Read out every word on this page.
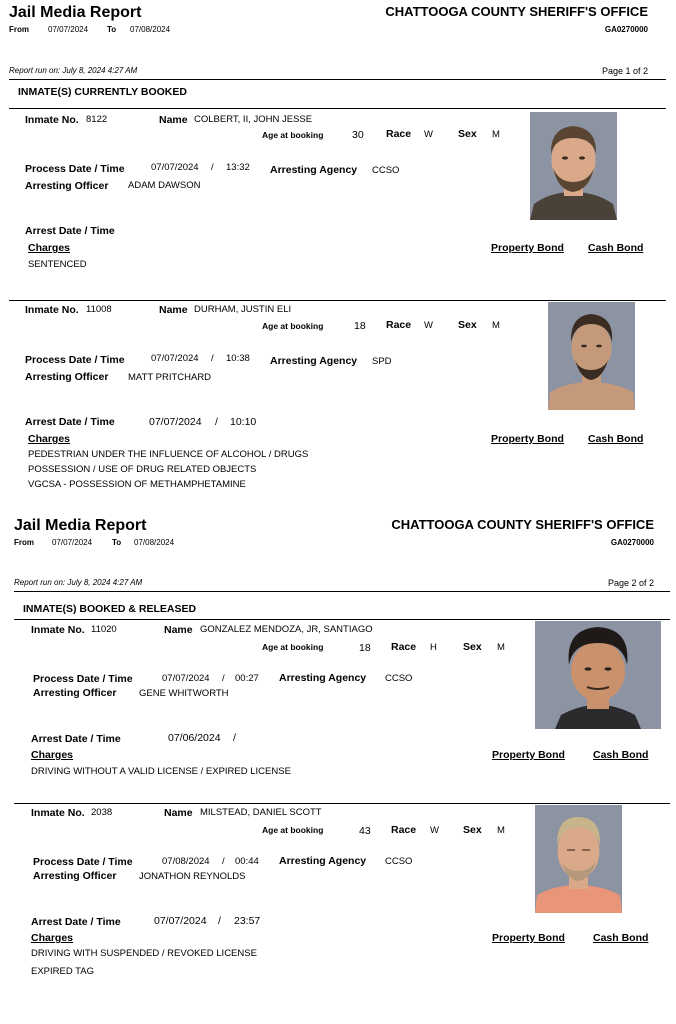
Jail Media Report	CHATTOOGA COUNTY SHERIFF'S OFFICE
From 07/07/2024 To 07/08/2024	GA0270000
Report run on: July 8, 2024 4:27 AM	Page 1 of 2
INMATE(S) CURRENTLY BOOKED
Inmate No. 8122	Name COLBERT, II, JOHN JESSE
Age at booking	30 Race W Sex M
Process Date / Time	07/07/2024 / 13:32 Arresting Agency CCSO
Arresting Officer ADAM DAWSON
Arrest Date / Time
Charges	Property Bond Cash Bond
SENTENCED
Inmate No. 11008	Name DURHAM, JUSTIN ELI
Age at booking	18 Race W Sex M
Process Date / Time	07/07/2024 / 10:38 Arresting Agency SPD
Arresting Officer MATT PRITCHARD
Arrest Date / Time	07/07/2024 / 10:10
Charges	Property Bond Cash Bond
PEDESTRIAN UNDER THE INFLUENCE OF ALCOHOL / DRUGS
POSSESSION / USE OF DRUG RELATED OBJECTS
VGCSA - POSSESSION OF METHAMPHETAMINE
Jail Media Report	CHATTOOGA COUNTY SHERIFF'S OFFICE
From 07/07/2024 To 07/08/2024	GA0270000
Report run on: July 8, 2024 4:27 AM	Page 2 of 2
INMATE(S) BOOKED & RELEASED
Inmate No. 11020	Name GONZALEZ MENDOZA, JR, SANTIAGO
Age at booking	18 Race H Sex M
Process Date / Time	07/07/2024 / 00:27 Arresting Agency CCSO
Arresting Officer GENE WHITWORTH
Arrest Date / Time	07/06/2024 /
Charges	Property Bond	Cash Bond
DRIVING WITHOUT A VALID LICENSE / EXPIRED LICENSE
Inmate No. 2038	Name MILSTEAD, DANIEL SCOTT
Age at booking	43 Race W Sex M
Process Date / Time	07/08/2024 / 00:44 Arresting Agency CCSO
Arresting Officer JONATHON REYNOLDS
Arrest Date / Time	07/07/2024 / 23:57
Charges	Property Bond	Cash Bond
DRIVING WITH SUSPENDED / REVOKED LICENSE
EXPIRED TAG
